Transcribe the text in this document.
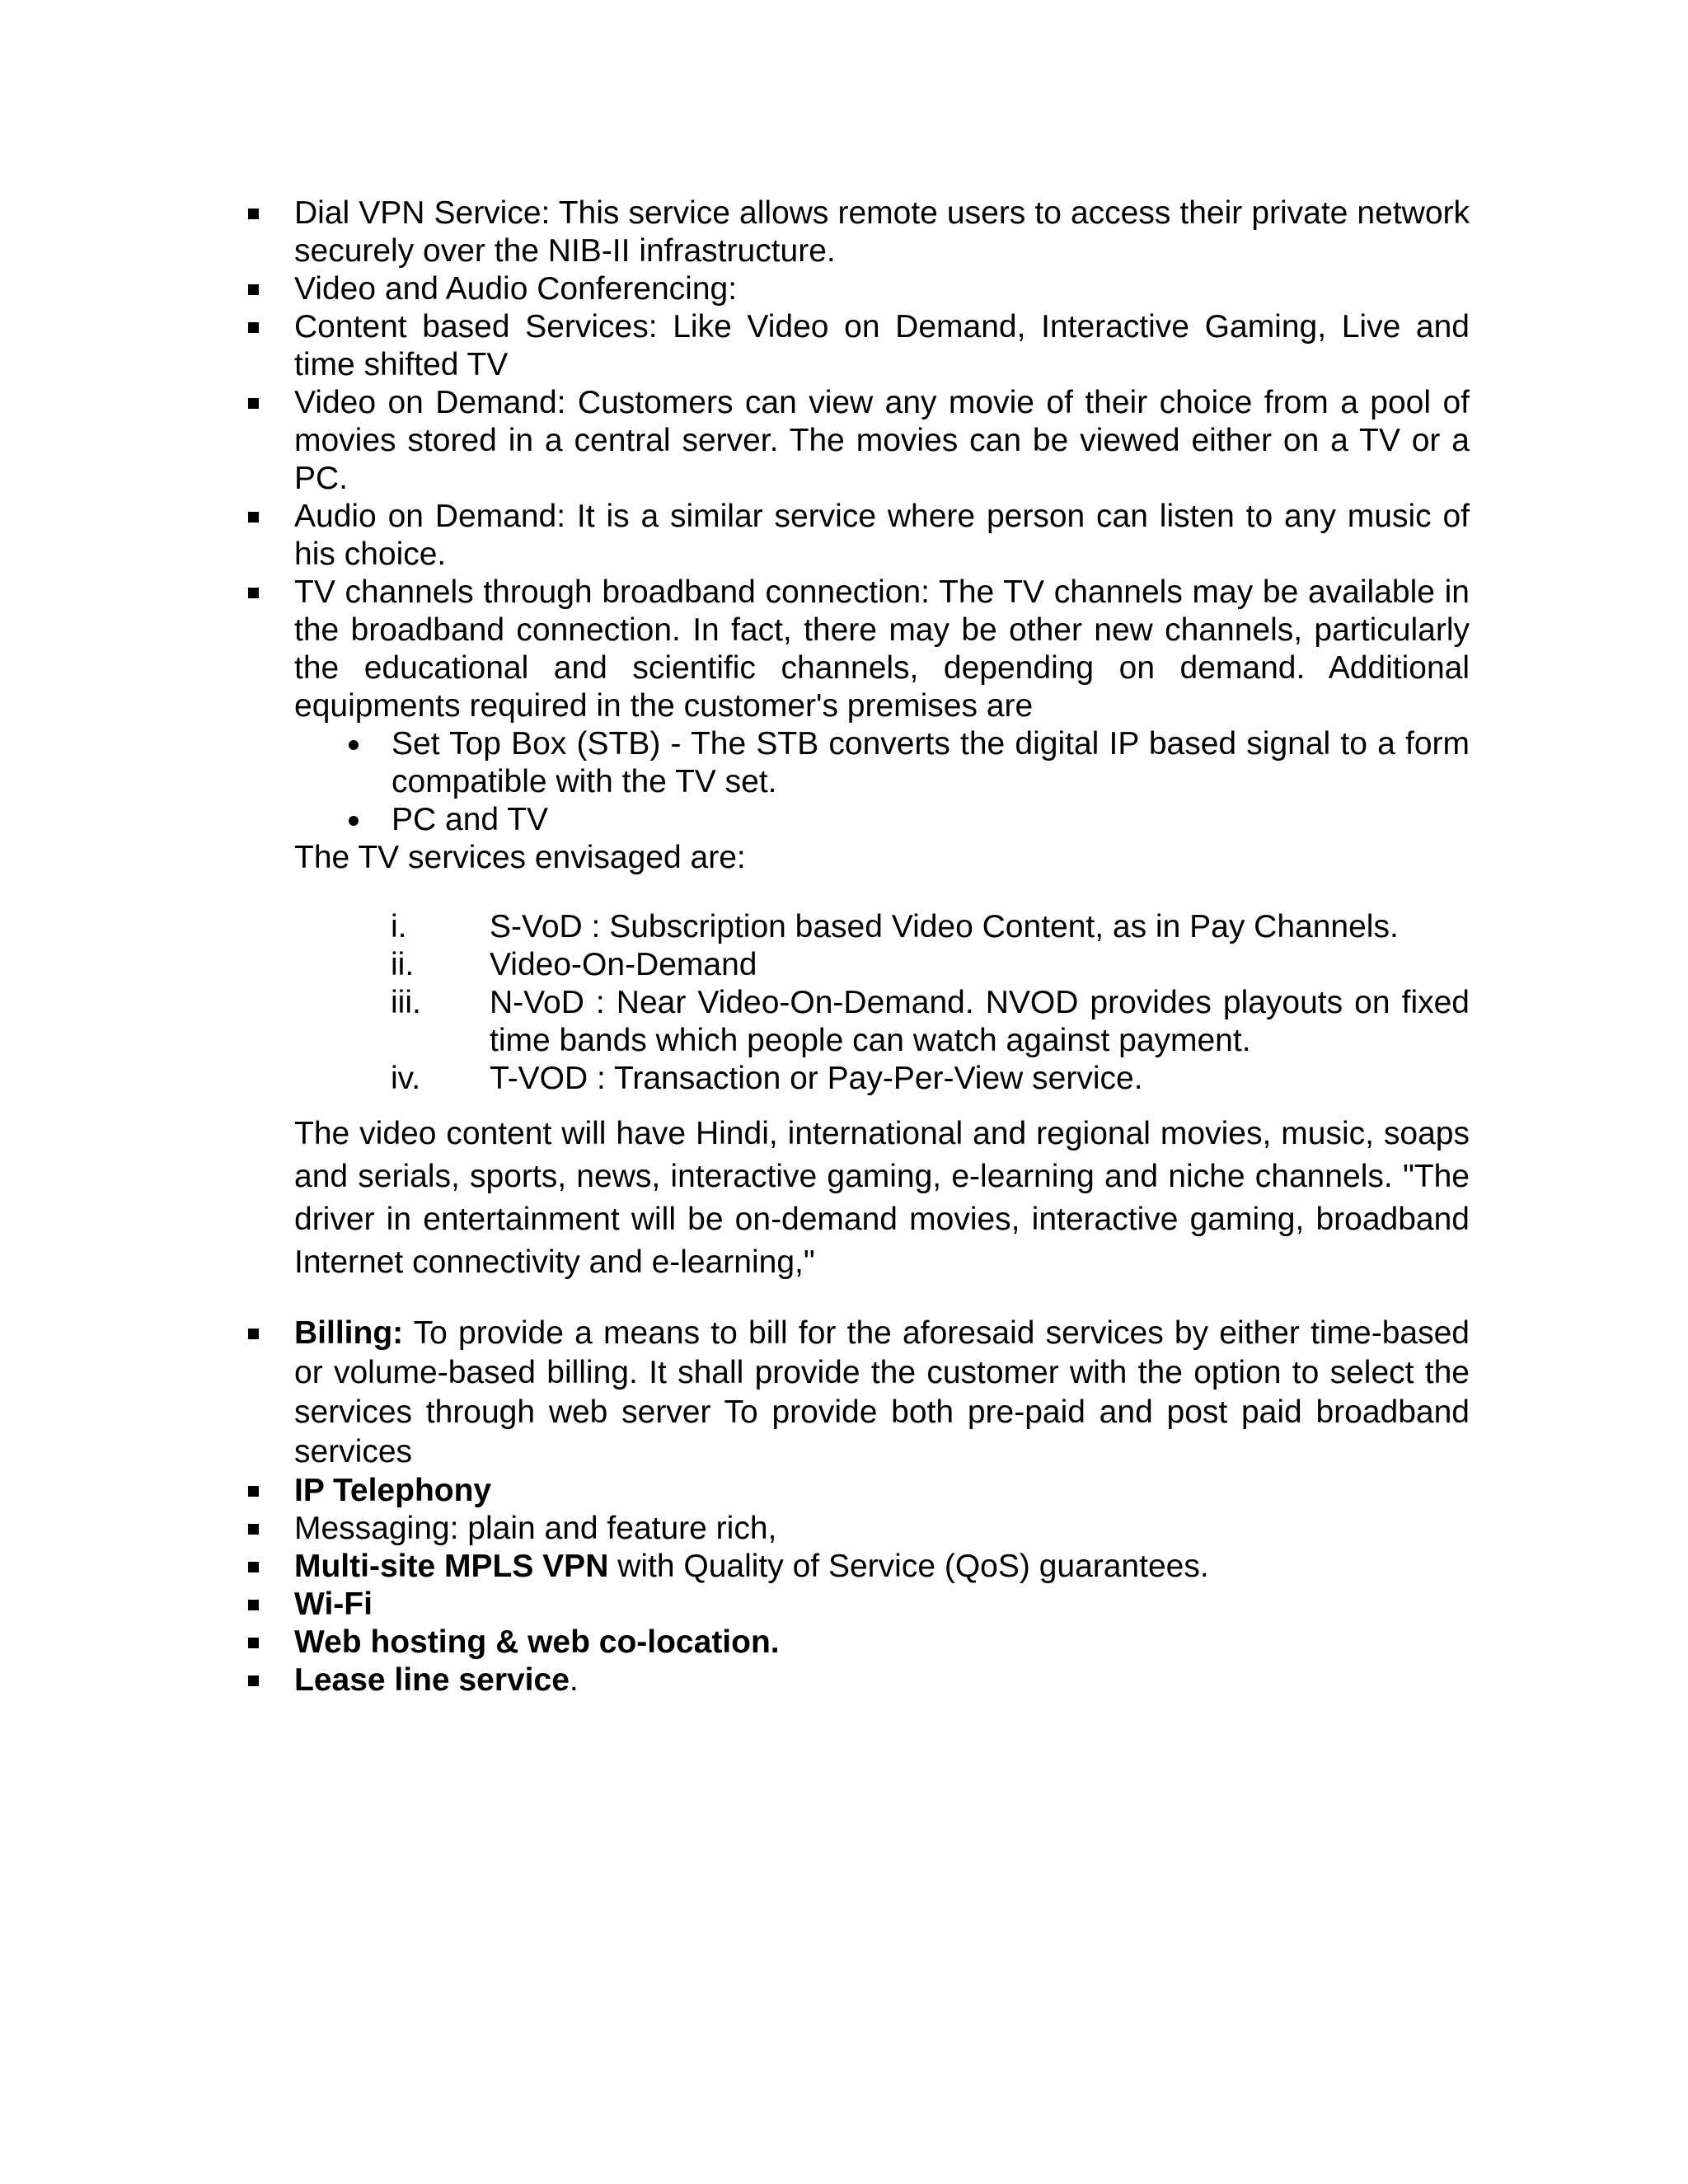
Dial VPN Service: This service allows remote users to access their private network securely over the NIB-II infrastructure.

Video and Audio Conferencing:

Content based Services: Like Video on Demand, Interactive Gaming, Live and time shifted TV

Video on Demand: Customers can view any movie of their choice from a pool of movies stored in a central server. The movies can be viewed either on a TV or a PC.

Audio on Demand: It is a similar service where person can listen to any music of his choice.

TV channels through broadband connection: The TV channels may be available in the broadband connection. In fact, there may be other new channels, particularly the educational and scientific channels, depending on demand. Additional equipments required in the customer's premises are

Set Top Box (STB) - The STB converts the digital IP based signal to a form compatible with the TV set.
PC and TV
The TV services envisaged are:
i.	S-VoD : Subscription based Video Content, as in Pay Channels.
ii. Video-On-Demand
iii. N-VoD : Near Video-On-Demand. NVOD provides playouts on fixed time bands which people can watch against payment.
iv. T-VOD : Transaction or Pay-Per-View service.
The video content will have Hindi, international and regional movies, music, soaps and serials, sports, news, interactive gaming, e-learning and niche channels. "The driver in entertainment will be on-demand movies, interactive gaming, broadband Internet connectivity and e-learning,"

Billing: To provide a means to bill for the aforesaid services by either time-based or volume-based billing. It shall provide the customer with the option to select the services through web server To provide both pre-paid and post paid broadband services

IP Telephony

Messaging: plain and feature rich,

Multi-site MPLS VPN with Quality of Service (QoS) guarantees.

Wi-Fi

Web hosting & web co-location.

Lease line service.
